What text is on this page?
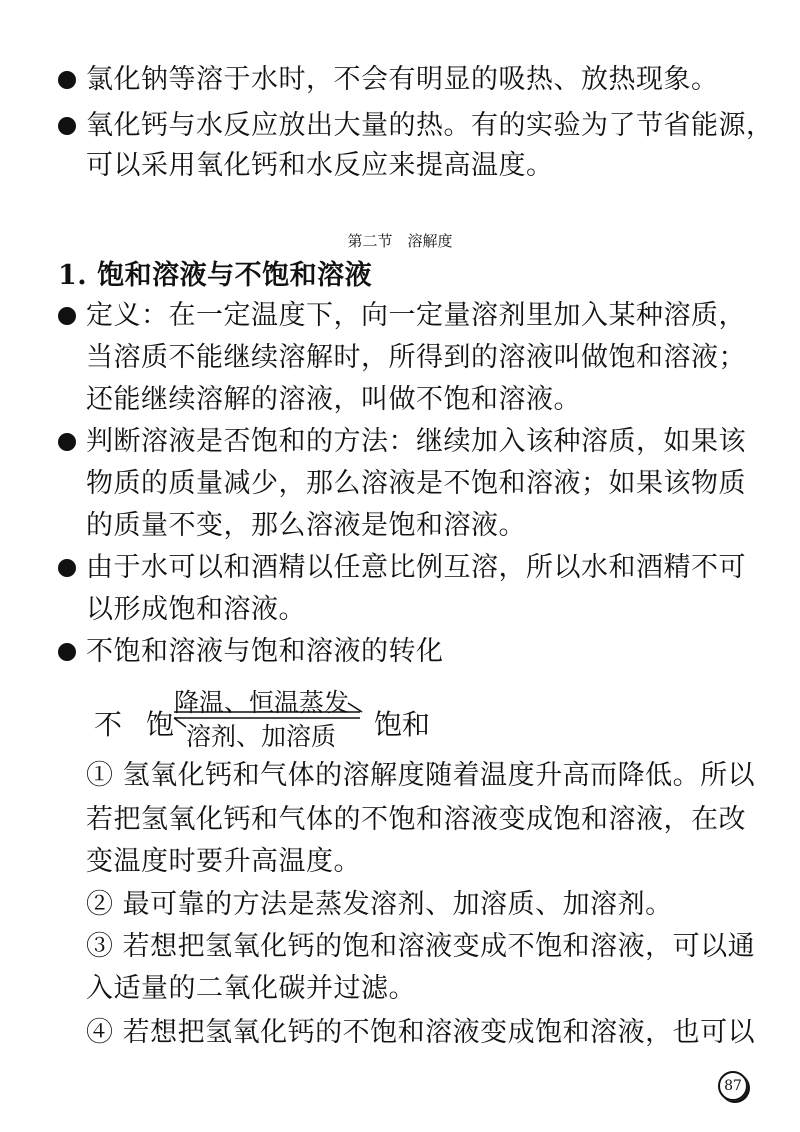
氯化钠等溶于水时，不会有明显的吸热、放热现象。
氧化钙与水反应放出大量的热。有的实验为了节省能源，
可以采用氧化钙和水反应来提高温度。
第二节　溶解度
1. 饱和溶液与不饱和溶液
定义：在一定温度下，向一定量溶剂里加入某种溶质，
当溶质不能继续溶解时，所得到的溶液叫做饱和溶液；
还能继续溶解的溶液，叫做不饱和溶液。
判断溶液是否饱和的方法：继续加入该种溶质，如果该
物质的质量减少，那么溶液是不饱和溶液；如果该物质
的质量不变，那么溶液是饱和溶液。
由于水可以和酒精以任意比例互溶，所以水和酒精不可
以形成饱和溶液。
不饱和溶液与饱和溶液的转化
不 饱
降温、恒温蒸发
溶剂、加溶质 饱和
① 氢氧化钙和气体的溶解度随着温度升高而降低。所以
若把氢氧化钙和气体的不饱和溶液变成饱和溶液，在改
变温度时要升高温度。
② 最可靠的方法是蒸发溶剂、加溶质、加溶剂。
③ 若想把氢氧化钙的饱和溶液变成不饱和溶液，可以通
入适量的二氧化碳并过滤。
④ 若想把氢氧化钙的不饱和溶液变成饱和溶液，也可以
87
